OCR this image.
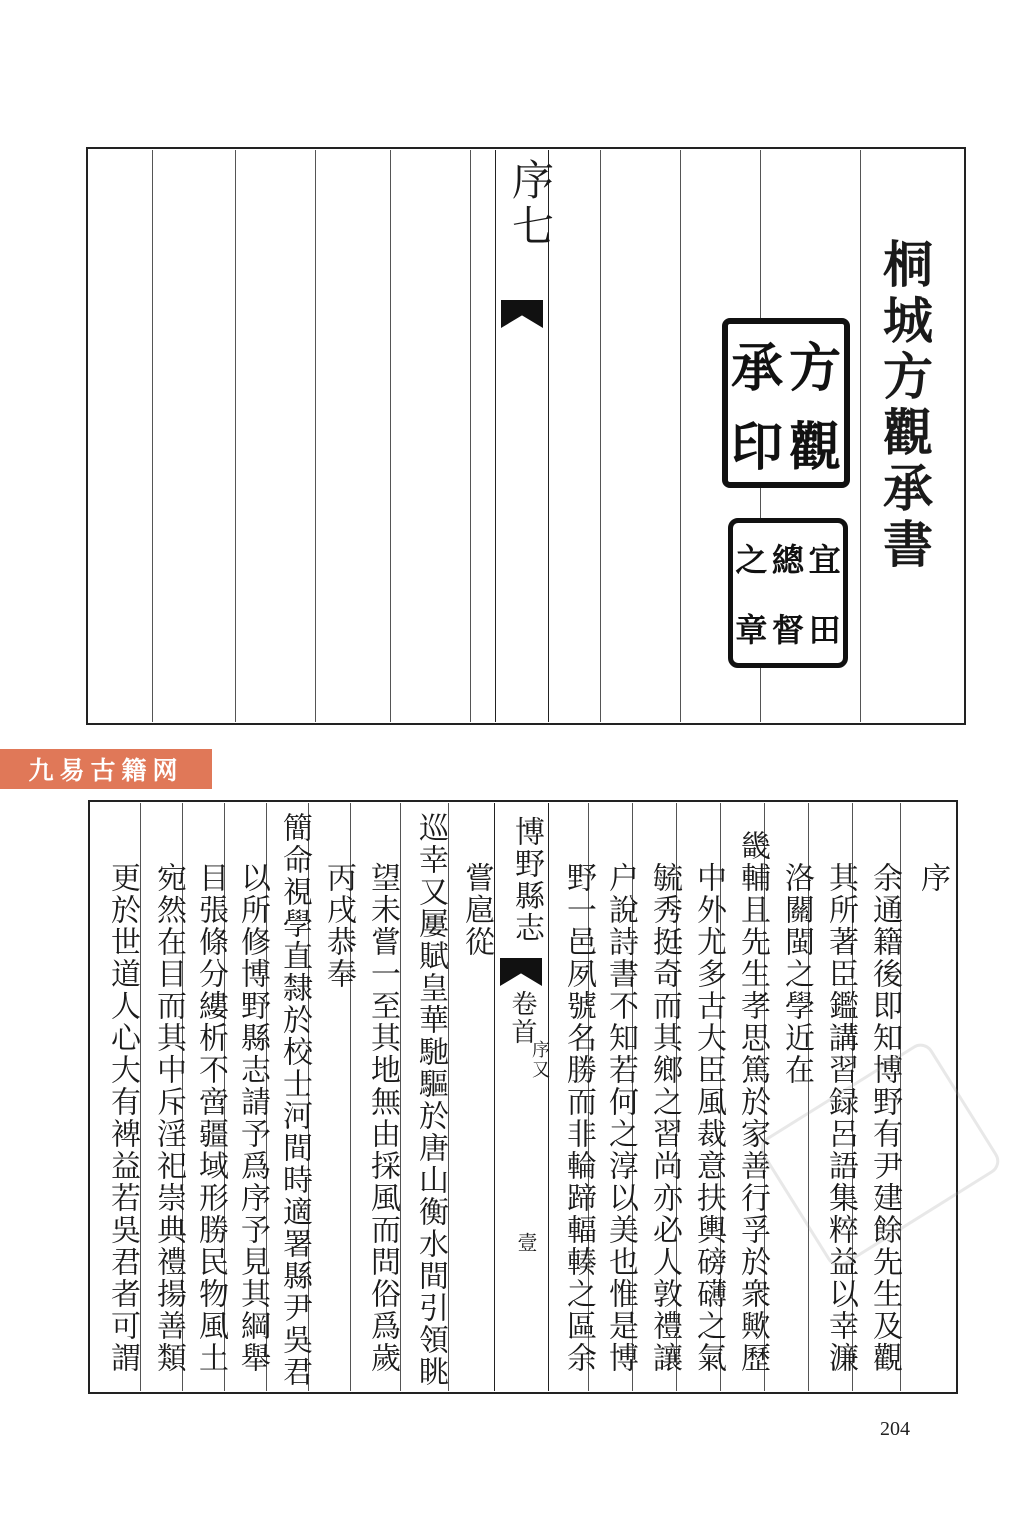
序七
桐城方觀承書
方
觀
承
印
宜
田
總
督
之
章
九易古籍网
博野縣志
卷首
序又
壹
序
余通籍後即知博野有尹建餘先生及觀
其所著臣鑑講習録呂語集粹益以幸濂
洛關閩之學近在
畿輔且先生孝思篤於家善行孚於衆歟歷
中外尤多古大臣風裁意扶輿磅礴之氣
毓秀挺奇而其鄉之習尚亦必人敦禮讓
户說詩書不知若何之淳以美也惟是博
野一邑夙號名勝而非輪蹄輻輳之區余
嘗扈從
巡幸又屢賦皇華馳驅於唐山衡水間引領眺
望未嘗一至其地無由採風而問俗爲歲
丙戌恭奉
簡命視學直隸於校士河間時適署縣尹吳君
以所修博野縣志請予爲序予見其綱舉
目張條分縷析不啻疆域形勝民物風土
宛然在目而其中斥淫祀崇典禮揚善類
更於世道人心大有裨益若吳君者可謂
204
